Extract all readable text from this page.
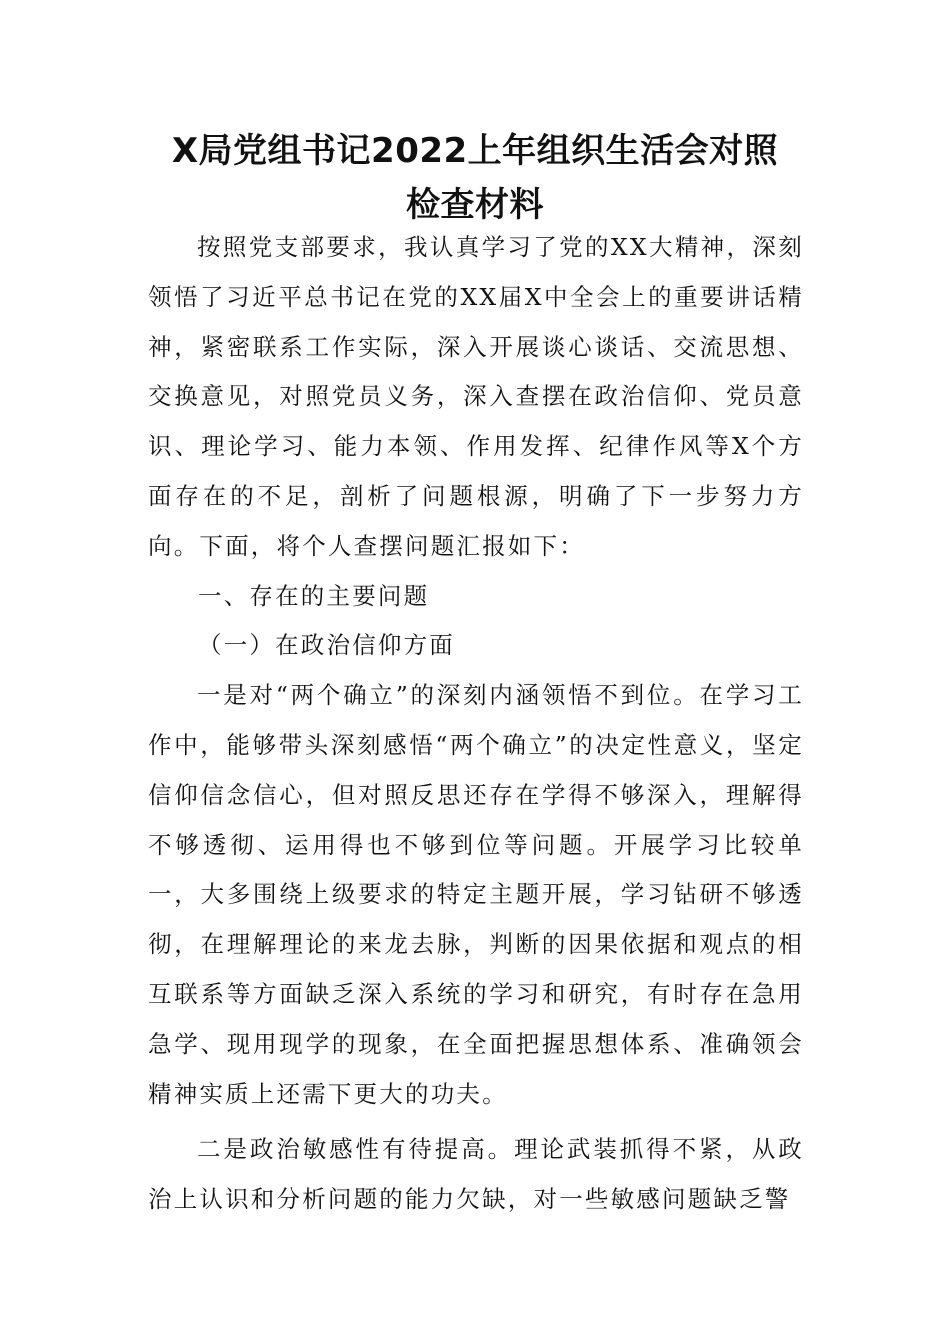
X局党组书记2022上年组织生活会对照
检查材料

按照党支部要求，我认真学习了党的XX大精神，深刻领悟了习近平总书记在党的XX届X中全会上的重要讲话精神，紧密联系工作实际，深入开展谈心谈话、交流思想、交换意见，对照党员义务，深入查摆在政治信仰、党员意识、理论学习、能力本领、作用发挥、纪律作风等X个方面存在的不足，剖析了问题根源，明确了下一步努力方向。下面，将个人查摆问题汇报如下：

一、存在的主要问题

（一）在政治信仰方面

一是对“两个确立”的深刻内涵领悟不到位。在学习工作中，能够带头深刻感悟“两个确立”的决定性意义，坚定信仰信念信心，但对照反思还存在学得不够深入，理解得不够透彻、运用得也不够到位等问题。开展学习比较单一，大多围绕上级要求的特定主题开展，学习钻研不够透彻，在理解理论的来龙去脉，判断的因果依据和观点的相互联系等方面缺乏深入系统的学习和研究，有时存在急用急学、现用现学的现象，在全面把握思想体系、准确领会精神实质上还需下更大的功夫。

二是政治敏感性有待提高。理论武装抓得不紧，从政治上认识和分析问题的能力欠缺，对一些敏感问题缺乏警
